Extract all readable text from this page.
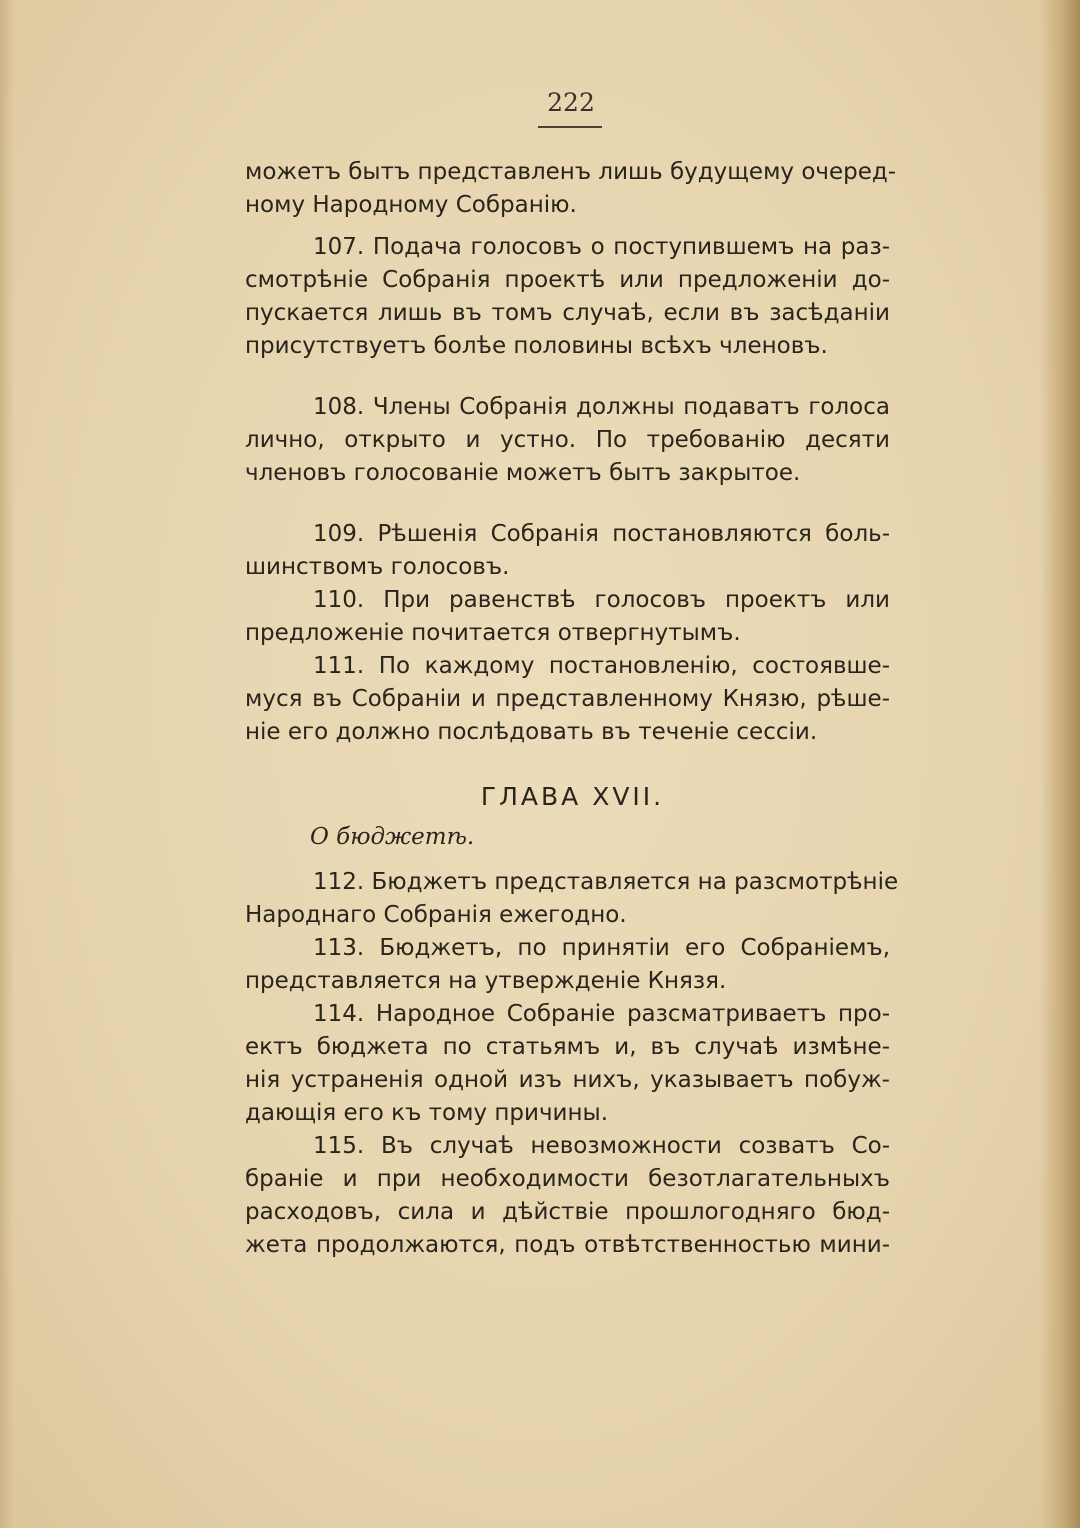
222
можетъ бытъ представленъ лишь будущему очеред-
ному Народному Собранiю.
107. Подача голосовъ о поступившемъ на раз-
смотрѣнiе Собранiя проектѣ или предложенiи до-
пускается лишь въ томъ случаѣ, если въ засѣданiи
присутствуетъ болѣе половины всѣхъ членовъ.
108. Члены Собранiя должны подаватъ голоса
лично, открыто и устно. По требованiю десяти
членовъ голосованiе можетъ бытъ закрытое.
109. Рѣшенiя Собранiя постановляются боль-
шинствомъ голосовъ.
110. При равенствѣ голосовъ проектъ или
предложенiе почитается отвергнутымъ.
111. По каждому постановленiю, состоявше-
муся въ Собранiи и представленному Князю, рѣше-
нiе его должно послѣдовать въ теченiе сессiи.
ГЛАВА XVII.
О бюджетѣ.
112. Бюджетъ представляется на разсмотрѣнiе
Народнаго Собранiя ежегодно.
113. Бюджетъ, по принятiи его Собранiемъ,
представляется на утвержденiе Князя.
114. Народное Собранiе разсматриваетъ про-
ектъ бюджета по статьямъ и, въ случаѣ измѣне-
нiя устраненiя одной изъ нихъ, указываетъ побуж-
дающiя его къ тому причины.
115. Въ случаѣ невозможности созватъ Со-
бранiе и при необходимости безотлагательныхъ
расходовъ, сила и дѣйствiе прошлогодняго бюд-
жета продолжаются, подъ отвѣтственностью мини-
